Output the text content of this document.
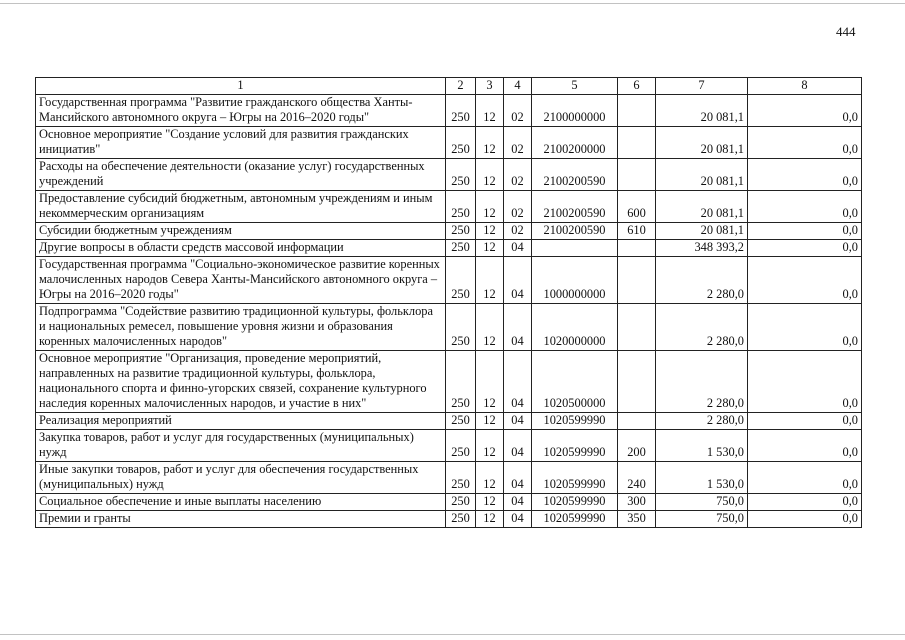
444
1	2	3	4	5	6	7	8
Государственная программа "Развитие гражданского общества Ханты-Мансийского автономного округа – Югры на 2016–2020 годы"	250	12	02	2100000000		20 081,1	0,0
Основное мероприятие "Создание условий для развития гражданских инициатив"	250	12	02	2100200000		20 081,1	0,0
Расходы на обеспечение деятельности (оказание услуг) государственных учреждений	250	12	02	2100200590		20 081,1	0,0
Предоставление субсидий бюджетным, автономным учреждениям и иным некоммерческим организациям	250	12	02	2100200590	600	20 081,1	0,0
Субсидии бюджетным учреждениям	250	12	02	2100200590	610	20 081,1	0,0
Другие вопросы в области средств массовой информации	250	12	04			348 393,2	0,0
Государственная программа "Социально-экономическое развитие коренных малочисленных народов Севера Ханты-Мансийского автономного округа – Югры на 2016–2020 годы"	250	12	04	1000000000		2 280,0	0,0
Подпрограмма "Содействие развитию традиционной культуры, фольклора и национальных ремесел, повышение уровня жизни и образования коренных малочисленных народов"	250	12	04	1020000000		2 280,0	0,0
Основное мероприятие "Организация, проведение мероприятий, направленных на развитие традиционной культуры, фольклора, национального спорта и финно-угорских связей, сохранение культурного наследия коренных малочисленных народов, и участие в них"	250	12	04	1020500000		2 280,0	0,0
Реализация мероприятий	250	12	04	1020599990		2 280,0	0,0
Закупка товаров, работ и услуг для государственных (муниципальных) нужд	250	12	04	1020599990	200	1 530,0	0,0
Иные закупки товаров, работ и услуг для обеспечения государственных (муниципальных) нужд	250	12	04	1020599990	240	1 530,0	0,0
Социальное обеспечение и иные выплаты населению	250	12	04	1020599990	300	750,0	0,0
Премии и гранты	250	12	04	1020599990	350	750,0	0,0
